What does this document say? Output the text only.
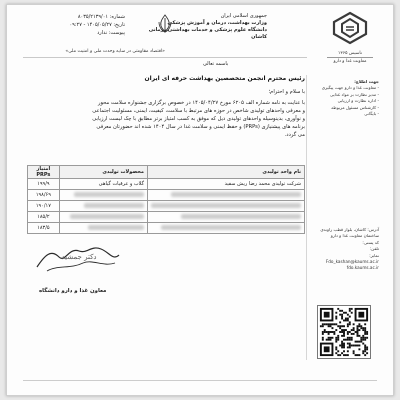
شماره: ۸۰۳۵/۲۱۳۹/۰۱
تاریخ: ۱۴۰۵/۰۵/۲۷ - ۰۹:۲۷
پیوست: ندارد
جمهوری اسلامی ایران
وزارت بهداشت، درمان و آموزش پزشکی
دانشگاه علوم پزشکی و خدمات بهداشتی درمانی کاشان
تاسیس ۱۳۶۵
معاونت غذا و دارو
«اقتصاد مقاومتی در سایه وحدت ملی و امنیت ملی»
باسمه تعالی
رئیس محترم انجمن متخصصین بهداشت حرفه ای ایران
با سلام و احترام؛
با عنایت به نامه شماره الف ۶۲۰۵ مورخ ۱۴۰۵/۰۴/۲۷ در خصوص برگزاری جشنواره سلامت محور
و معرفی واحدهای تولیدی شاخص در حوزه های مرتبط با سلامت، کیفیت، ایمنی، مسئولیت اجتماعی
و نوآوری، بدینوسیله واحدهای تولیدی ذیل که موفق به کسب امتیاز برتر مطابق با چک لیست ارزیابی
برنامه های پیشنیازی (PRPs) و حفظ ایمنی و سلامت غذا در سال ۱۴۰۴ شده اند حضورتان معرفی
می گردد.
نام واحد تولیدی	محصولات تولیدی	امتیاز PRPs
شرکت تولیدی محمد رضا ریش سفید	گلاب و عرقیات گیاهی	۱۹۹/۹
		۱۹۸/۶۹
		۱۹۰/۱۷
		۱۸۵/۲
		۱۸۳/۵
دکتر جمشید
معاون غذا و دارو دانشگاه
جهت اطلاع:
- معاونت غذا و دارو جهت پیگیری
- مدیر نظارت بر مواد غذایی
- اداره نظارت و ارزیابی
- کارشناس مسئول مربوطه
- بایگانی
آدرس: کاشان، بلوار قطب راوندی
ساختمان معاونت غذا و دارو
کد پستی:
تلفن:
نمابر:
Fdo_kashan@kaums.ac.ir
fdo.kaums.ac.ir
